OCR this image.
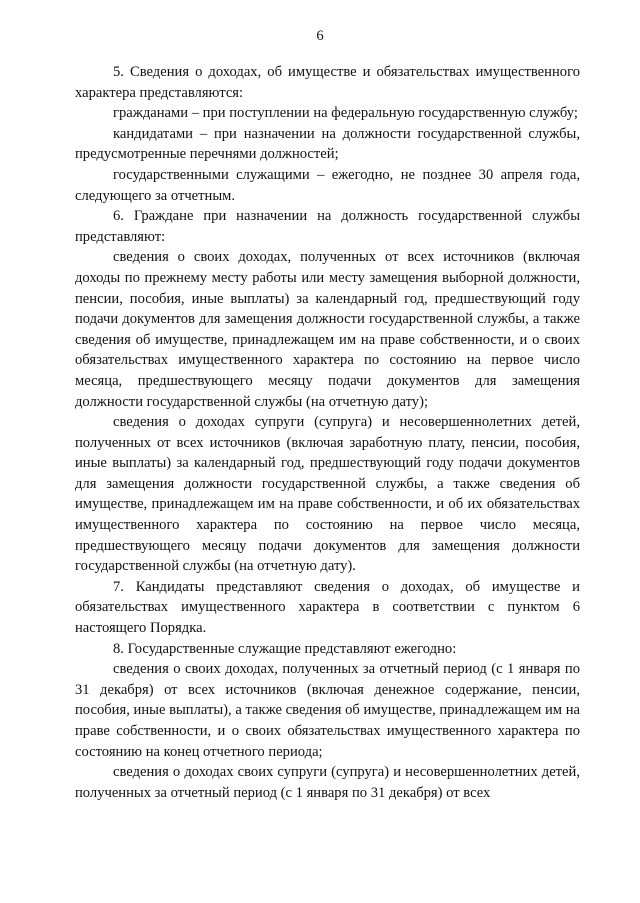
6

5. Сведения о доходах, об имуществе и обязательствах имущественного характера представляются:

гражданами – при поступлении на федеральную государственную службу;

кандидатами – при назначении на должности государственной службы, предусмотренные перечнями должностей;

государственными служащими – ежегодно, не позднее 30 апреля года, следующего за отчетным.

6. Граждане при назначении на должность государственной службы представляют:

сведения о своих доходах, полученных от всех источников (включая доходы по прежнему месту работы или месту замещения выборной должности, пенсии, пособия, иные выплаты) за календарный год, предшествующий году подачи документов для замещения должности государственной службы, а также сведения об имуществе, принадлежащем им на праве собственности, и о своих обязательствах имущественного характера по состоянию на первое число месяца, предшествующего месяцу подачи документов для замещения должности государственной службы (на отчетную дату);

сведения о доходах супруги (супруга) и несовершеннолетних детей, полученных от всех источников (включая заработную плату, пенсии, пособия, иные выплаты) за календарный год, предшествующий году подачи документов для замещения должности государственной службы, а также сведения об имуществе, принадлежащем им на праве собственности, и об их обязательствах имущественного характера по состоянию на первое число месяца, предшествующего месяцу подачи документов для замещения должности государственной службы (на отчетную дату).

7. Кандидаты представляют сведения о доходах, об имуществе и обязательствах имущественного характера в соответствии с пунктом 6 настоящего Порядка.

8. Государственные служащие представляют ежегодно:

сведения о своих доходах, полученных за отчетный период (с 1 января по 31 декабря) от всех источников (включая денежное содержание, пенсии, пособия, иные выплаты), а также сведения об имуществе, принадлежащем им на праве собственности, и о своих обязательствах имущественного характера по состоянию на конец отчетного периода;

сведения о доходах своих супруги (супруга) и несовершеннолетних детей, полученных за отчетный период (с 1 января по 31 декабря) от всех
